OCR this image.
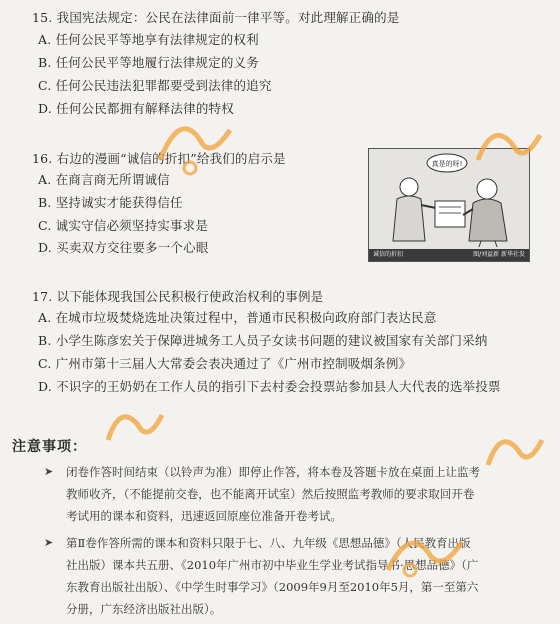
15. 我国宪法规定：公民在法律面前一律平等。对此理解正确的是
A. 任何公民平等地享有法律规定的权利
B. 任何公民平等地履行法律规定的义务
C. 任何公民违法犯罪都要受到法律的追究
D. 任何公民都拥有解释法律的特权
16. 右边的漫画“诚信的折扣”给我们的启示是
A. 在商言商无所谓诚信
B. 坚持诚实才能获得信任
C. 诚实守信必须坚持实事求是
D. 买卖双方交往要多一个心眼
真是的呀!
诚信的折扣	图/刘益新 新华社发
17. 以下能体现我国公民积极行使政治权利的事例是
A. 在城市垃圾焚烧选址决策过程中，普通市民积极向政府部门表达民意
B. 小学生陈彦宏关于保障进城务工人员子女读书问题的建议被国家有关部门采纳
C. 广州市第十三届人大常委会表决通过了《广州市控制吸烟条例》
D. 不识字的王奶奶在工作人员的指引下去村委会投票站参加县人大代表的选举投票
注意事项：
➤ 闭卷作答时间结束（以铃声为准）即停止作答，将本卷及答题卡放在桌面上让监考
教师收齐，（不能提前交卷，也不能离开试室）然后按照监考教师的要求取回开卷
考试用的课本和资料，迅速返回原座位准备开卷考试。
➤ 第Ⅱ卷作答所需的课本和资料只限于七、八、九年级《思想品德》（人民教育出版
社出版）课本共五册、《2010年广州市初中毕业生学业考试指导书·思想品德》（广
东教育出版社出版）、《中学生时事学习》（2009年9月至2010年5月，第一至第六
分册，广东经济出版社出版）。
